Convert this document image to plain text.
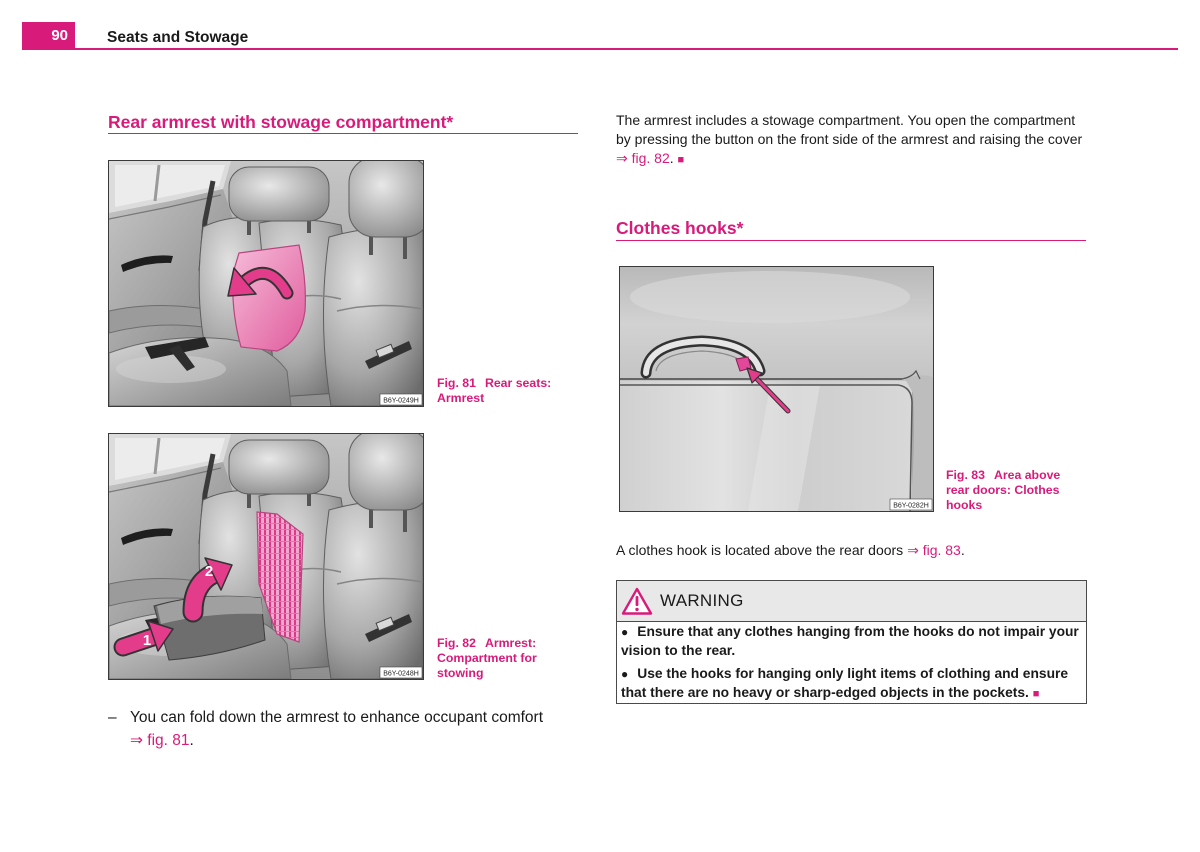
90	Seats and Stowage
Rear armrest with stowage compartment*
B6Y-0249H
Fig. 81 Rear seats:
Armrest
2
1
B6Y-0248H
Fig. 82 Armrest:
Compartment for
stowing
– You can fold down the armrest to enhance occupant comfort
⇒ fig. 81.
The armrest includes a stowage compartment. You open the compartment by pressing the button on the front side of the armrest and raising the cover ⇒ fig. 82. ■
Clothes hooks*
B6Y-0282H
Fig. 83 Area above
rear doors: Clothes
hooks
A clothes hook is located above the rear doors ⇒ fig. 83.
WARNING
● Ensure that any clothes hanging from the hooks do not impair your vision to the rear.
● Use the hooks for hanging only light items of clothing and ensure that there are no heavy or sharp-edged objects in the pockets. ■
